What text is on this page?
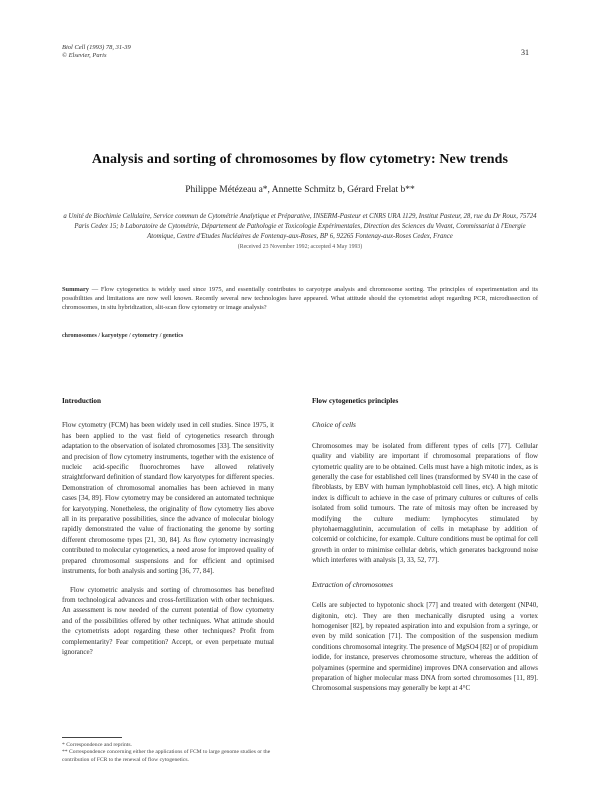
Biol Cell (1993) 78, 31-39
© Elsevier, Paris	31
Analysis and sorting of chromosomes by flow cytometry: New trends
Philippe Métézeau a*, Annette Schmitz b, Gérard Frelat b**
a Unité de Biochimie Cellulaire, Service commun de Cytométrie Analytique et Préparative, INSERM-Pasteur et CNRS URA 1129, Institut Pasteur, 28, rue du Dr Roux, 75724 Paris Cedex 15; b Laboratoire de Cytométrie, Département de Pathologie et Toxicologie Expérimentales, Direction des Sciences du Vivant, Commissariat à l'Energie Atomique, Centre d'Etudes Nucléaires de Fontenay-aux-Roses, BP 6, 92265 Fontenay-aux-Roses Cedex, France
(Received 23 November 1992; accepted 4 May 1993)
Summary — Flow cytogenetics is widely used since 1975, and essentially contributes to caryotype analysis and chromosome sorting. The principles of experimentation and its possibilities and limitations are now well known. Recently several new technologies have appeared. What attitude should the cytometrist adopt regarding PCR, microdissection of chromosomes, in situ hybridization, slit-scan flow cytometry or image analysis?
chromosomes / karyotype / cytometry / genetics
Introduction

Flow cytometry (FCM) has been widely used in cell studies. Since 1975, it has been applied to the vast field of cytogenetics research through adaptation to the observation of isolated chromosomes [33]. The sensitivity and precision of flow cytometry instruments, together with the existence of nucleic acid-specific fluorochromes have allowed relatively straightforward definition of standard flow karyotypes for different species. Demonstration of chromosomal anomalies has been achieved in many cases [34, 89]. Flow cytometry may be considered an automated technique for karyotyping. Nonetheless, the originality of flow cytometry lies above all in its preparative possibilities, since the advance of molecular biology rapidly demonstrated the value of fractionating the genome by sorting different chromosome types [21, 30, 84]. As flow cytometry increasingly contributed to molecular cytogenetics, a need arose for improved quality of prepared chromosomal suspensions and for efficient and optimised instruments, for both analysis and sorting [36, 77, 84].

Flow cytometric analysis and sorting of chromosomes has benefited from technological advances and cross-fertilization with other techniques. An assessment is now needed of the current potential of flow cytometry and of the possibilities offered by other techniques. What attitude should the cytometrists adopt regarding these other techniques? Profit from complementarity? Fear competition? Accept, or even perpetuate mutual ignorance?

Flow cytogenetics principles
Choice of cells

Chromosomes may be isolated from different types of cells [77]. Cellular quality and viability are important if chromosomal preparations of flow cytometric quality are to be obtained. Cells must have a high mitotic index, as is generally the case for established cell lines (transformed by SV40 in the case of fibroblasts, by EBV with human lymphoblastoid cell lines, etc). A high mitotic index is difficult to achieve in the case of primary cultures or cultures of cells isolated from solid tumours. The rate of mitosis may often be increased by modifying the culture medium: lymphocytes stimulated by phytohaemagglutinin, accumulation of cells in metaphase by addition of colcemid or colchicine, for example. Culture conditions must be optimal for cell growth in order to minimise cellular debris, which generates background noise which interferes with analysis [3, 33, 52, 77].

Extraction of chromosomes

Cells are subjected to hypotonic shock [77] and treated with detergent (NP40, digitonin, etc). They are then mechanically disrupted using a vortex homogeniser [82], by repeated aspiration into and expulsion from a syringe, or even by mild sonication [71]. The composition of the suspension medium conditions chromosomal integrity. The presence of MgSO4 [82] or of propidium iodide, for instance, preserves chromosome structure, whereas the addition of polyamines (spermine and spermidine) improves DNA conservation and allows preparation of higher molecular mass DNA from sorted chromosomes [11, 89]. Chromosomal suspensions may generally be kept at 4°C

* Correspondence and reprints.
** Correspondence concerning either the applications of FCM to large genome studies or the contribution of FCR to the renewal of flow cytogenetics.
